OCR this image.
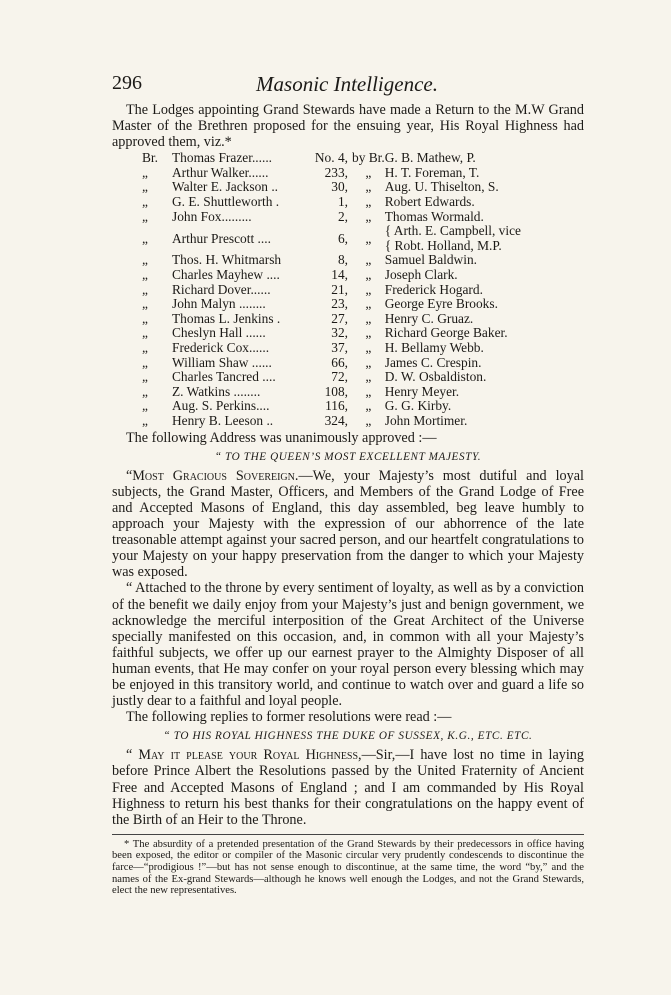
296	Masonic Intelligence.

The Lodges appointing Grand Stewards have made a Return to the M.W Grand Master of the Brethren proposed for the ensuing year, His Royal Highness had approved them, viz.*

Br.	Thomas Frazer......	No. 4,	by Br.	G. B. Mathew, P.
„	Arthur Walker......	233,	„	H. T. Foreman, T.
„	Walter E. Jackson ..	30,	„	Aug. U. Thiselton, S.
„	G. E. Shuttleworth .	1,	„	Robert Edwards.
„	John Fox.........	2,	„	Thomas Wormald.
„	Arthur Prescott ....	6,	„	{ Arth. E. Campbell, vice
{ Robt. Holland, M.P.

„	Thos. H. Whitmarsh	8,	„	Samuel Baldwin.
„	Charles Mayhew ....	14,	„	Joseph Clark.
„	Richard Dover......	21,	„	Frederick Hogard.
„	John Malyn ........	23,	„	George Eyre Brooks.
„	Thomas L. Jenkins .	27,	„	Henry C. Gruaz.
„	Cheslyn Hall ......	32,	„	Richard George Baker.
„	Frederick Cox......	37,	„	H. Bellamy Webb.
„	William Shaw ......	66,	„	James C. Crespin.
„	Charles Tancred ....	72,	„	D. W. Osbaldiston.
„	Z. Watkins ........	108,	„	Henry Meyer.
„	Aug. S. Perkins....	116,	„	G. G. Kirby.
„	Henry B. Leeson ..	324,	„	John Mortimer.

The following Address was unanimously approved :—

“ TO THE QUEEN’S MOST EXCELLENT MAJESTY.

“Most Gracious Sovereign.—We, your Majesty’s most dutiful and loyal subjects, the Grand Master, Officers, and Members of the Grand Lodge of Free and Accepted Masons of England, this day assembled, beg leave humbly to approach your Majesty with the expression of our abhorrence of the late treasonable attempt against your sacred person, and our heartfelt congratulations to your Majesty on your happy preservation from the danger to which your Majesty was exposed.

“ Attached to the throne by every sentiment of loyalty, as well as by a conviction of the benefit we daily enjoy from your Majesty’s just and benign government, we acknowledge the merciful interposition of the Great Architect of the Universe specially manifested on this occasion, and, in common with all your Majesty’s faithful subjects, we offer up our earnest prayer to the Almighty Disposer of all human events, that He may confer on your royal person every blessing which may be enjoyed in this transitory world, and continue to watch over and guard a life so justly dear to a faithful and loyal people.

The following replies to former resolutions were read :—

“ TO HIS ROYAL HIGHNESS THE DUKE OF SUSSEX, K.G., ETC. ETC.

“ May it please your Royal Highness,—Sir,—I have lost no time in laying before Prince Albert the Resolutions passed by the United Fraternity of Ancient Free and Accepted Masons of England ; and I am commanded by His Royal Highness to return his best thanks for their congratulations on the happy event of the Birth of an Heir to the Throne.

* The absurdity of a pretended presentation of the Grand Stewards by their predecessors in office having been exposed, the editor or compiler of the Masonic circular very prudently condescends to discontinue the farce—“prodigious !”—but has not sense enough to discontinue, at the same time, the word “by,” and the names of the Ex-grand Stewards—although he knows well enough the Lodges, and not the Grand Stewards, elect the new representatives.
